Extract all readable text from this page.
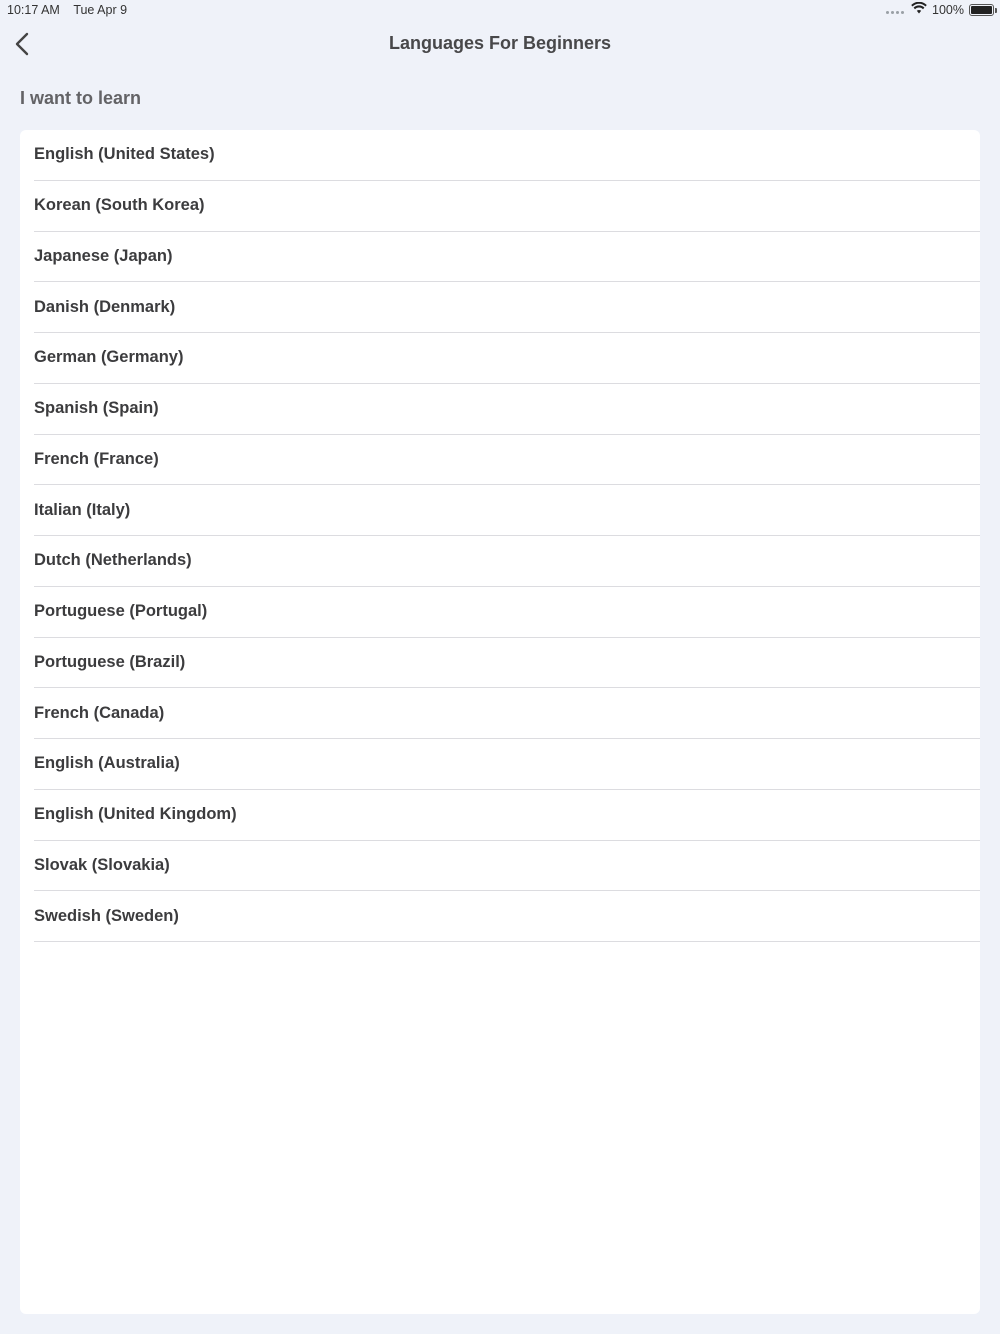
10:17 AM Tue Apr 9	100%
Languages For Beginners
I want to learn
English (United States)
Korean (South Korea)
Japanese (Japan)
Danish (Denmark)
German (Germany)
Spanish (Spain)
French (France)
Italian (Italy)
Dutch (Netherlands)
Portuguese (Portugal)
Portuguese (Brazil)
French (Canada)
English (Australia)
English (United Kingdom)
Slovak (Slovakia)
Swedish (Sweden)
